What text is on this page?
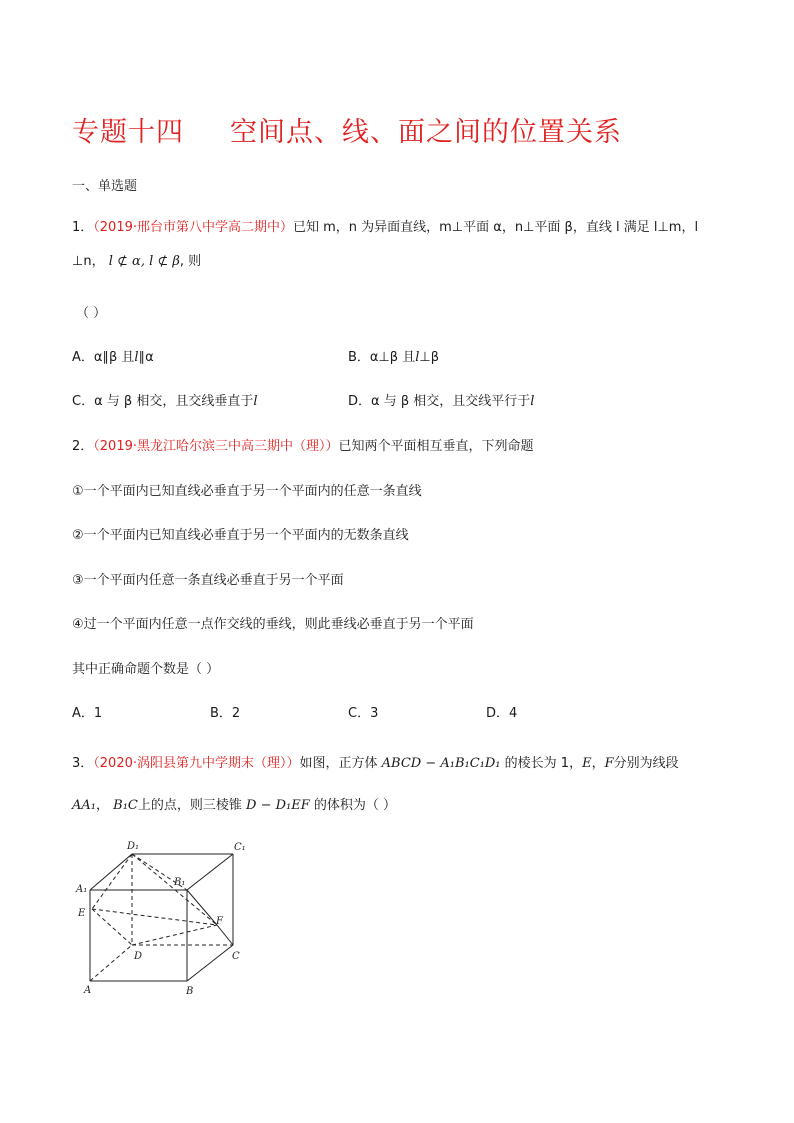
专题十四 空间点、线、面之间的位置关系
一、单选题
1．（2019·邢台市第八中学高二期中）已知 m，n 为异面直线，m⊥平面 α，n⊥平面 β，直线 l 满足 l⊥m，l
⊥n， l ⊄ α, l ⊄ β, 则
（ ）
A．α∥β 且l∥α	B．α⊥β 且l⊥β
C．α 与 β 相交，且交线垂直于l	D．α 与 β 相交，且交线平行于l
2．（2019·黑龙江哈尔滨三中高三期中（理））已知两个平面相互垂直，下列命题
①一个平面内已知直线必垂直于另一个平面内的任意一条直线
②一个平面内已知直线必垂直于另一个平面内的无数条直线
③一个平面内任意一条直线必垂直于另一个平面
④过一个平面内任意一点作交线的垂线，则此垂线必垂直于另一个平面
其中正确命题个数是（ ）
A．1	B．2	C．3	D．4
3．（2020·涡阳县第九中学期末（理））如图，正方体 ABCD − A₁B₁C₁D₁ 的棱长为 1，E，F分别为线段
AA₁， B₁C上的点，则三棱锥 D − D₁EF 的体积为（ ）
D₁	C₁
A₁
B₁
E
F
D	C
A	B
